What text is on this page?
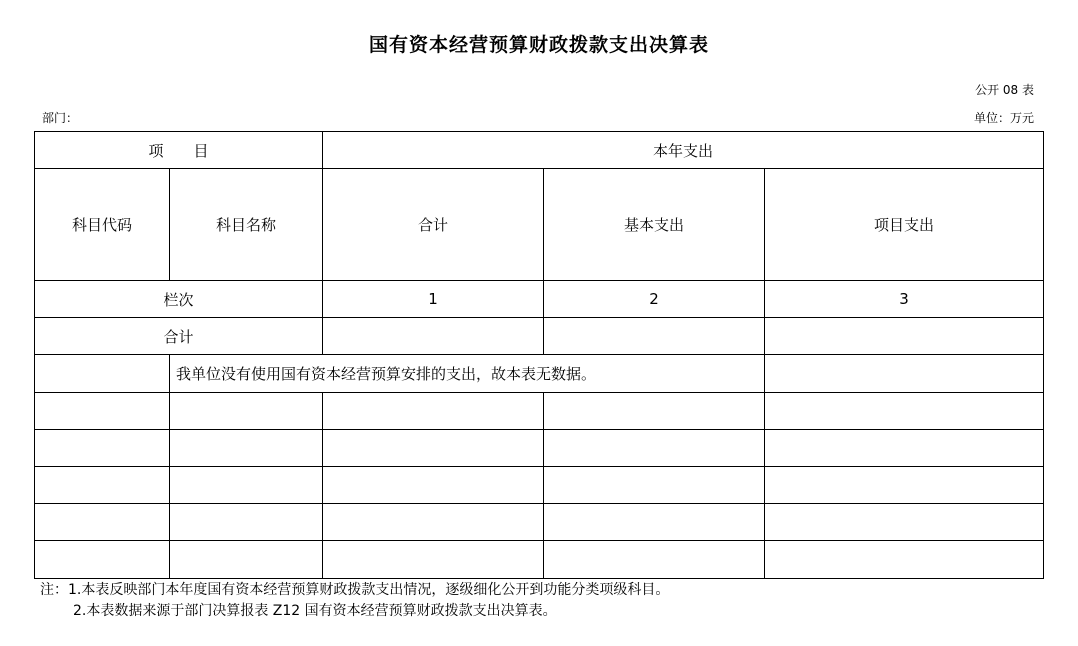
国有资本经营预算财政拨款支出决算表
公开 08 表
部门：	单位：万元
项　　目		本年支出		
科目代码	科目名称	合计	基本支出	项目支出
栏次		1	2	3
合计				
	我单位没有使用国有资本经营预算安排的支出，故本表无数据。			

注：1.本表反映部门本年度国有资本经营预算财政拨款支出情况，逐级细化公开到功能分类项级科目。
2.本表数据来源于部门决算报表 Z12 国有资本经营预算财政拨款支出决算表。
